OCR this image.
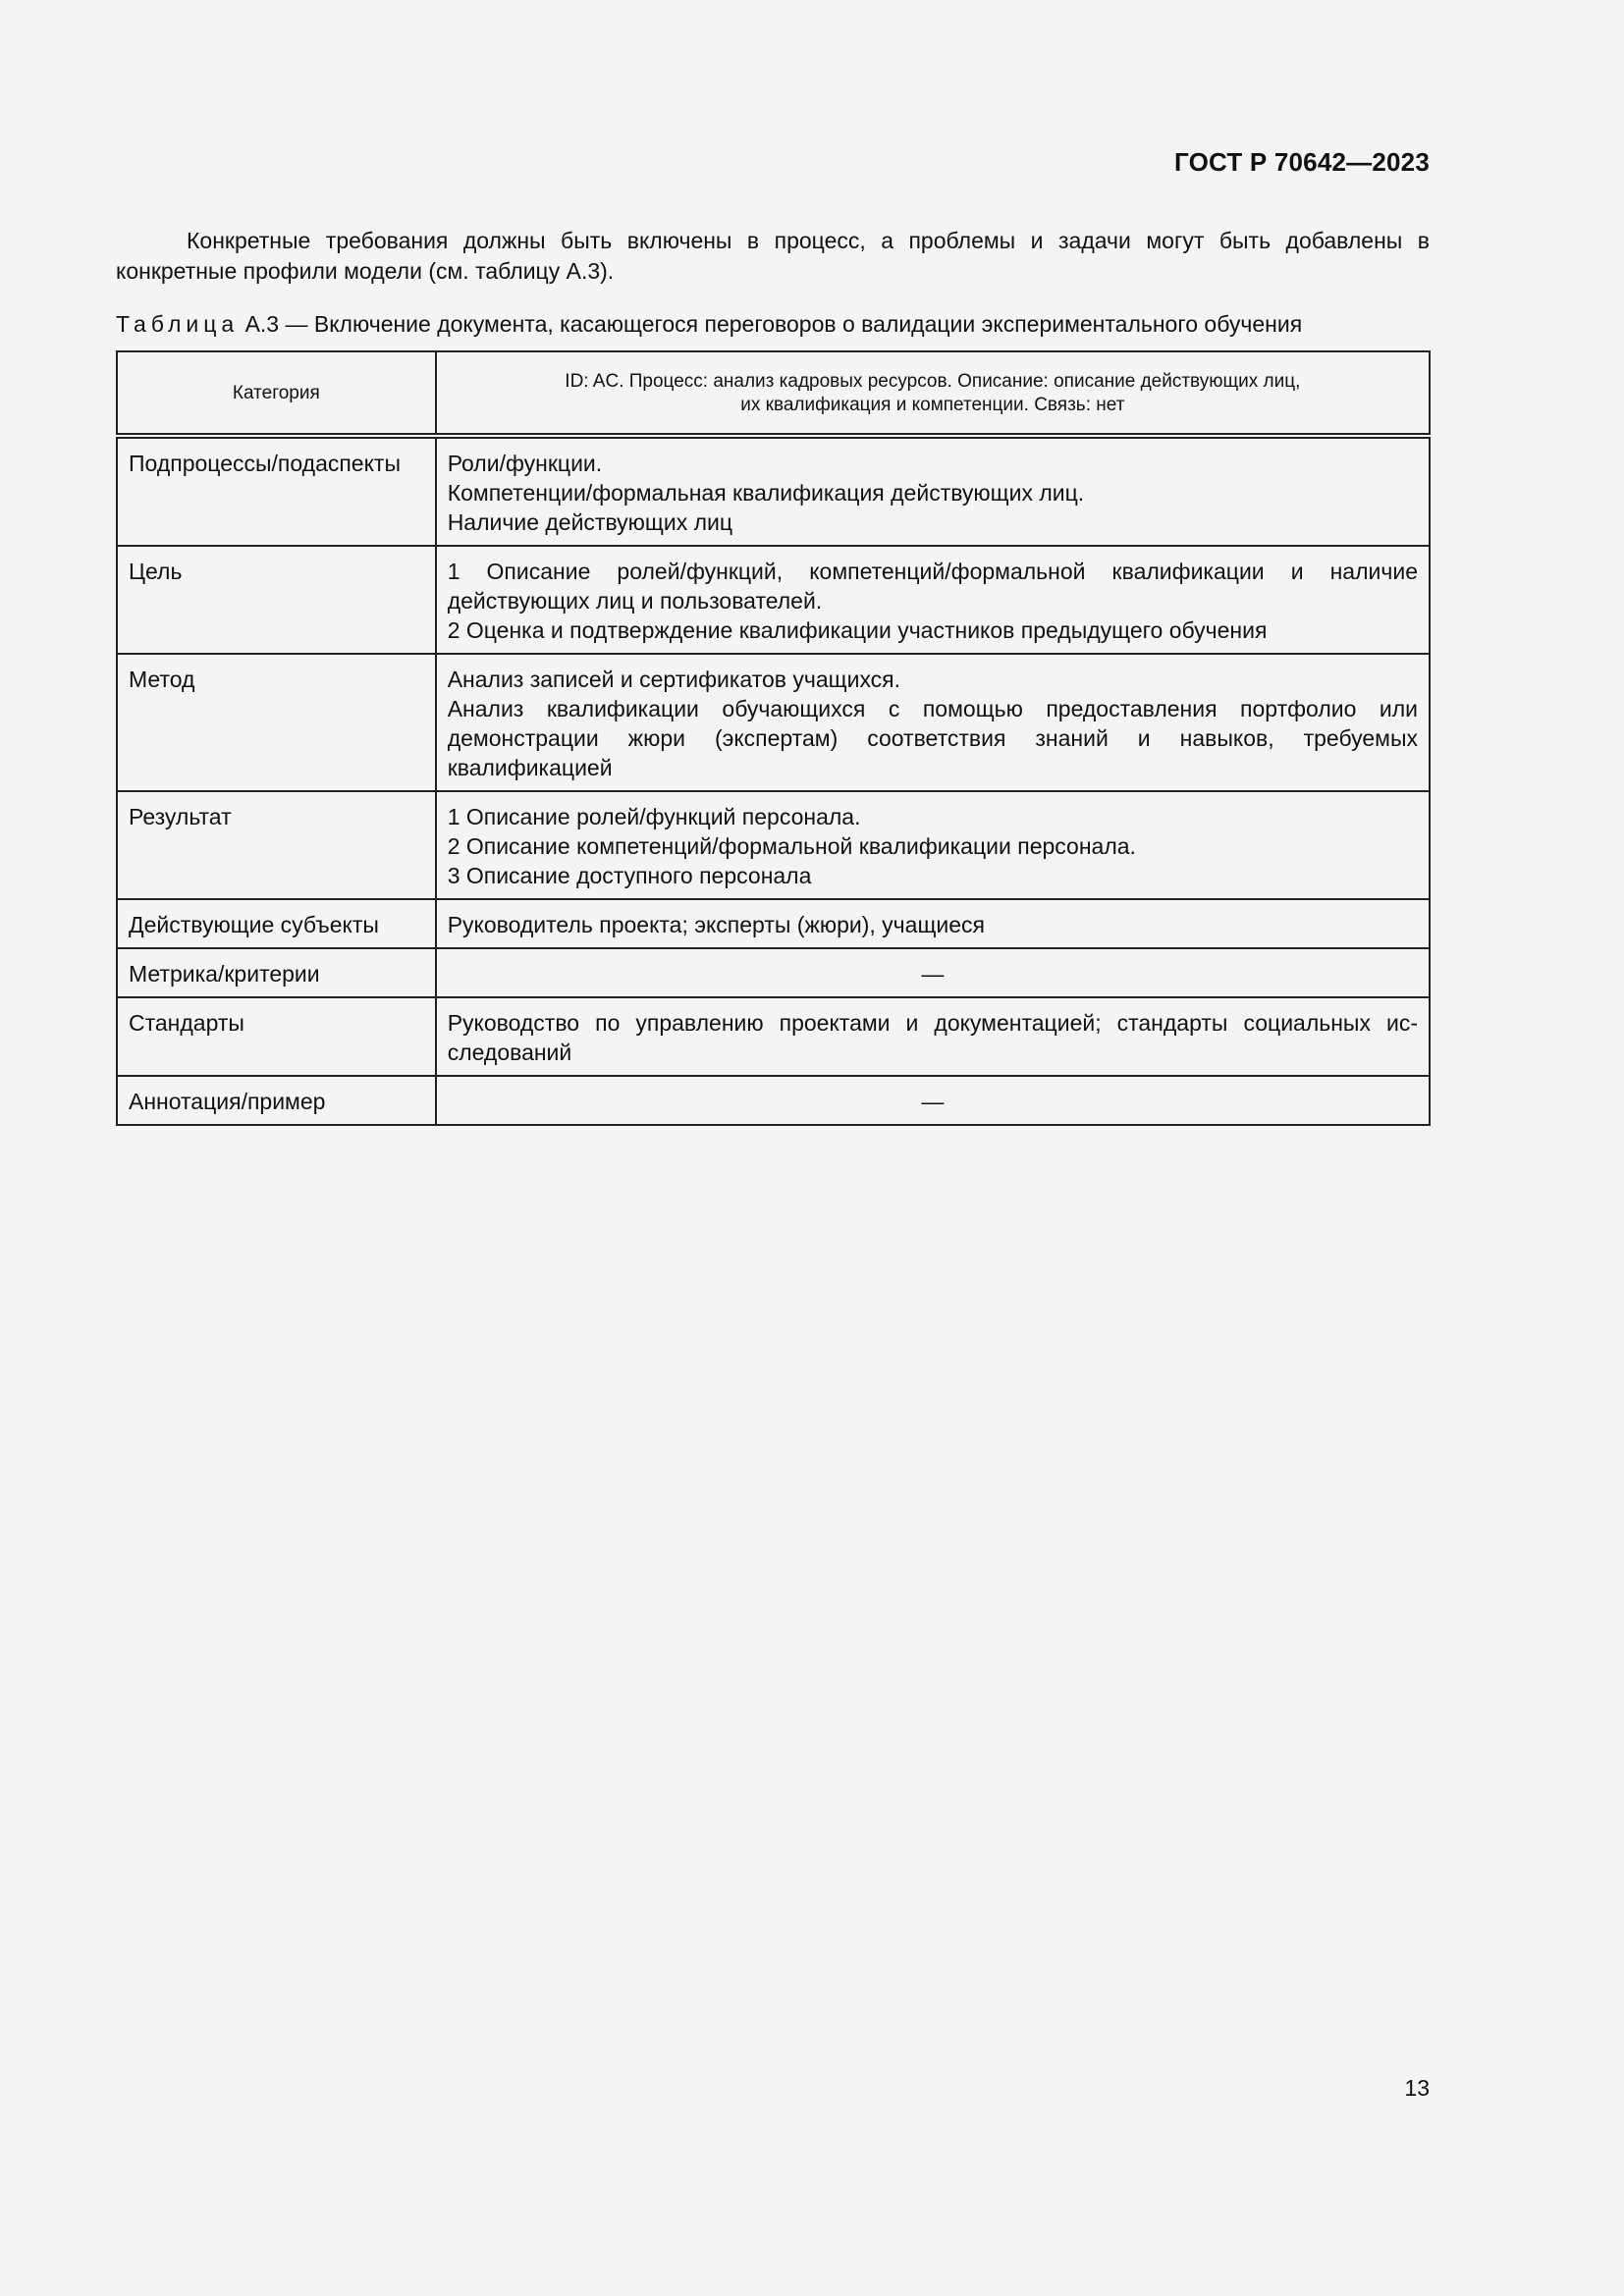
ГОСТ Р 70642—2023

Конкретные требования должны быть включены в процесс, а проблемы и задачи могут быть добавлены в конкретные профили модели (см. таблицу А.3).

Таблица А.3 — Включение документа, касающегося переговоров о валидации экспериментального обучения

Категория	ID: AC. Процесс: анализ кадровых ресурсов. Описание: описание действующих лиц,
их квалификация и компетенции. Связь: нет

Подпроцессы/подаспекты	Роли/функции.
Компетенции/формальная квалификация действующих лиц.
Наличие действующих лиц

Цель	1 Описание ролей/функций, компетенций/формальной квалификации и наличие действующих лиц и пользователей.
2 Оценка и подтверждение квалификации участников предыдущего обучения

Метод	Анализ записей и сертификатов учащихся.
Анализ квалификации обучающихся с помощью предоставления портфолио или демонстрации жюри (экспертам) соответствия знаний и навыков, требуемых квалификацией

Результат	1 Описание ролей/функций персонала.
2 Описание компетенций/формальной квалификации персонала.
3 Описание доступного персонала

Действующие субъекты	Руководитель проекта; эксперты (жюри), учащиеся

Метрика/критерии	—
Стандарты	Руководство по управлению проектами и документацией; стандарты социальных ис-следований

Аннотация/пример	—
13
